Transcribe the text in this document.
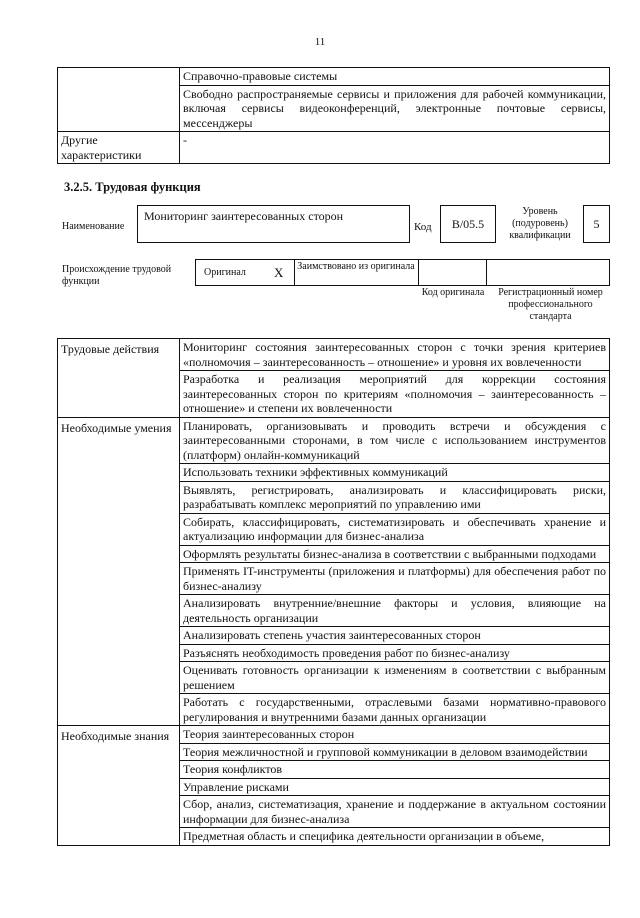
11
	Справочно-правовые системы
	Свободно распространяемые сервисы и приложения для рабочей коммуникации, включая сервисы видеоконференций, электронные почтовые сервисы, мессенджеры
Другие характеристики	-
3.2.5. Трудовая функция
Наименование
Мониторинг заинтересованных сторон
Код	B/05.5
Уровень (подуровень) квалификации
5
Происхождение трудовой функции
Оригинал X Заимствовано из оригинала
Код оригинала	Регистрационный номер профессионального стандарта
Трудовые действия	Мониторинг состояния заинтересованных сторон с точки зрения критериев «полномочия – заинтересованность – отношение» и уровня их вовлеченности
	Разработка и реализация мероприятий для коррекции состояния заинтересованных сторон по критериям «полномочия – заинтересованность – отношение» и степени их вовлеченности
Необходимые умения	Планировать, организовывать и проводить встречи и обсуждения с заинтересованными сторонами, в том числе с использованием инструментов (платформ) онлайн-коммуникаций
	Использовать техники эффективных коммуникаций
	Выявлять, регистрировать, анализировать и классифицировать риски, разрабатывать комплекс мероприятий по управлению ими
	Собирать, классифицировать, систематизировать и обеспечивать хранение и актуализацию информации для бизнес-анализа
	Оформлять результаты бизнес-анализа в соответствии с выбранными подходами
	Применять IT-инструменты (приложения и платформы) для обеспечения работ по бизнес-анализу
	Анализировать внутренние/внешние факторы и условия, влияющие на деятельность организации
	Анализировать степень участия заинтересованных сторон
	Разъяснять необходимость проведения работ по бизнес-анализу
	Оценивать готовность организации к изменениям в соответствии с выбранным решением
	Работать с государственными, отраслевыми базами нормативно-правового регулирования и внутренними базами данных организации
Необходимые знания	Теория заинтересованных сторон
	Теория межличностной и групповой коммуникации в деловом взаимодействии
	Теория конфликтов
	Управление рисками
	Сбор, анализ, систематизация, хранение и поддержание в актуальном состоянии информации для бизнес-анализа
	Предметная область и специфика деятельности организации в объеме,
